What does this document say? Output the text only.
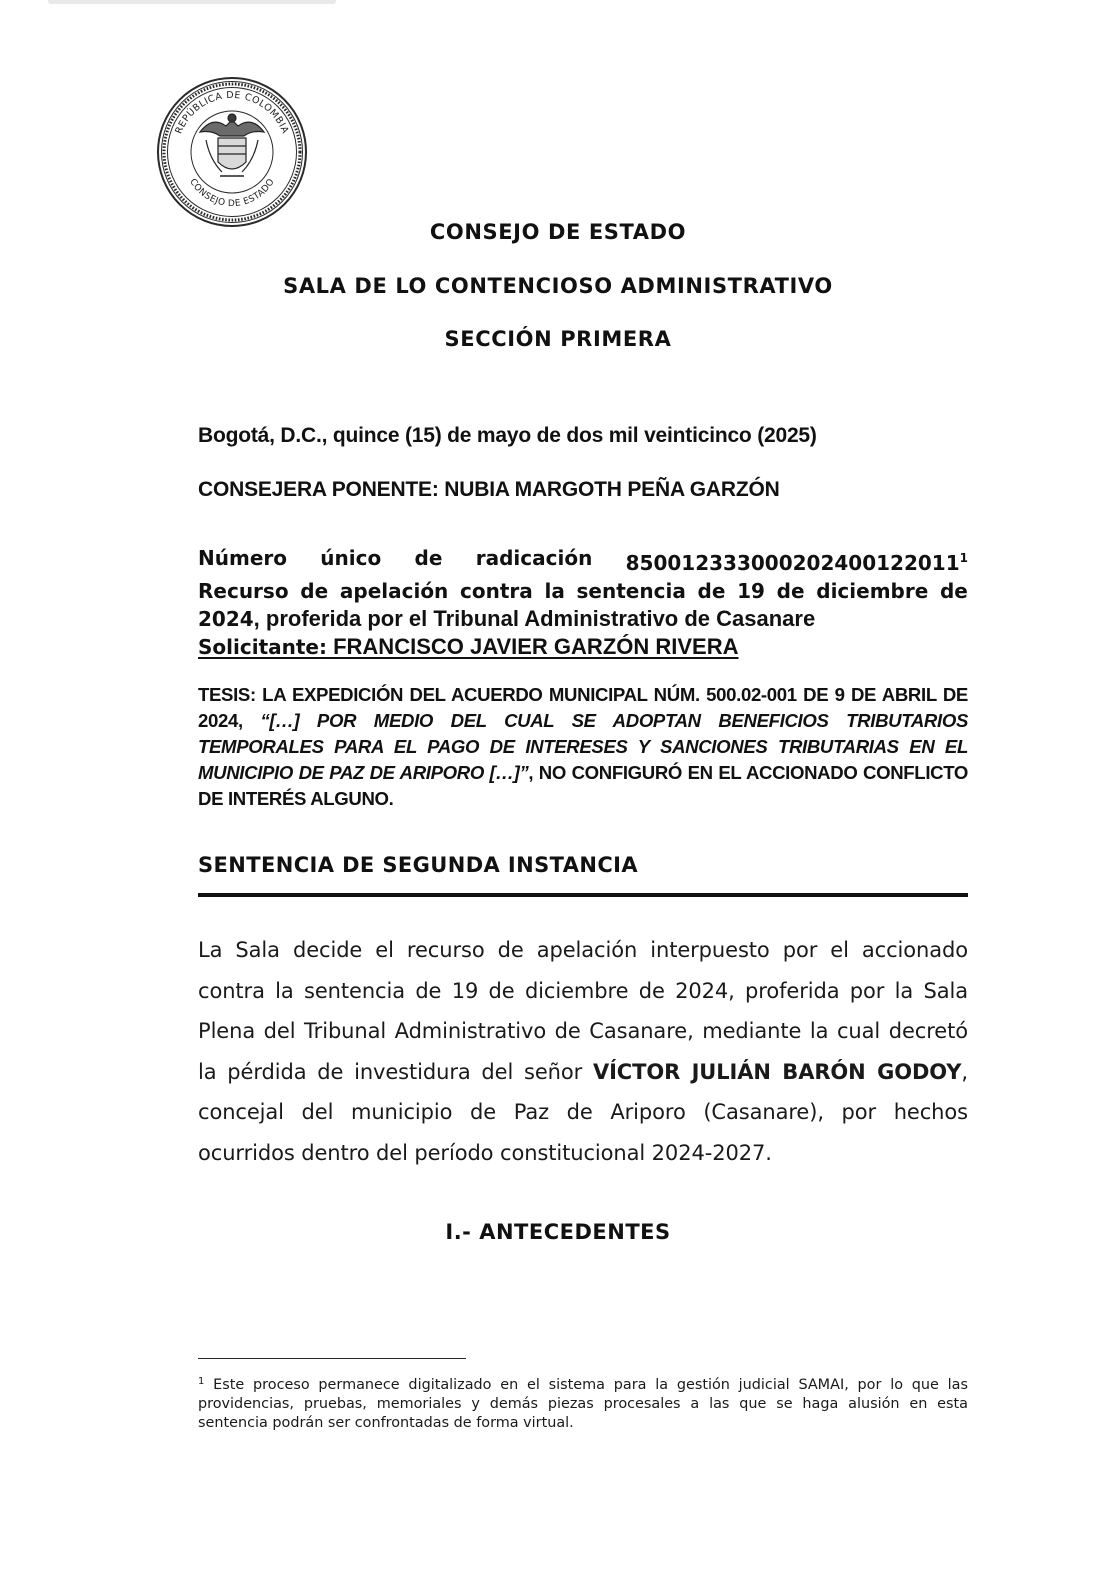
REPÚBLICA DE COLOMBIA
CONSEJO DE ESTADO
CONSEJO DE ESTADO
SALA DE LO CONTENCIOSO ADMINISTRATIVO
SECCIÓN PRIMERA
Bogotá, D.C., quince (15) de mayo de dos mil veinticinco (2025)
CONSEJERA PONENTE: NUBIA MARGOTH PEÑA GARZÓN
Número único de radicación 850012333000202400122011$^1$
Recurso de apelación contra la sentencia de 19 de diciembre de
2024, proferida por el Tribunal Administrativo de Casanare
Solicitante: FRANCISCO JAVIER GARZÓN RIVERA
TESIS: LA EXPEDICIÓN DEL ACUERDO MUNICIPAL NÚM. 500.02-001 DE 9 DE ABRIL DE 2024, “[…] POR MEDIO DEL CUAL SE ADOPTAN BENEFICIOS TRIBUTARIOS TEMPORALES PARA EL PAGO DE INTERESES Y SANCIONES TRIBUTARIAS EN EL MUNICIPIO DE PAZ DE ARIPORO […]”, NO CONFIGURÓ EN EL ACCIONADO CONFLICTO DE INTERÉS ALGUNO.
SENTENCIA DE SEGUNDA INSTANCIA
La Sala decide el recurso de apelación interpuesto por el accionado contra la sentencia de 19 de diciembre de 2024, proferida por la Sala Plena del Tribunal Administrativo de Casanare, mediante la cual decretó la pérdida de investidura del señor VÍCTOR JULIÁN BARÓN GODOY, concejal del municipio de Paz de Ariporo (Casanare), por hechos ocurridos dentro del período constitucional 2024-2027.
I.- ANTECEDENTES
$^1$ Este proceso permanece digitalizado en el sistema para la gestión judicial SAMAI, por lo que las providencias, pruebas, memoriales y demás piezas procesales a las que se haga alusión en esta sentencia podrán ser confrontadas de forma virtual.
